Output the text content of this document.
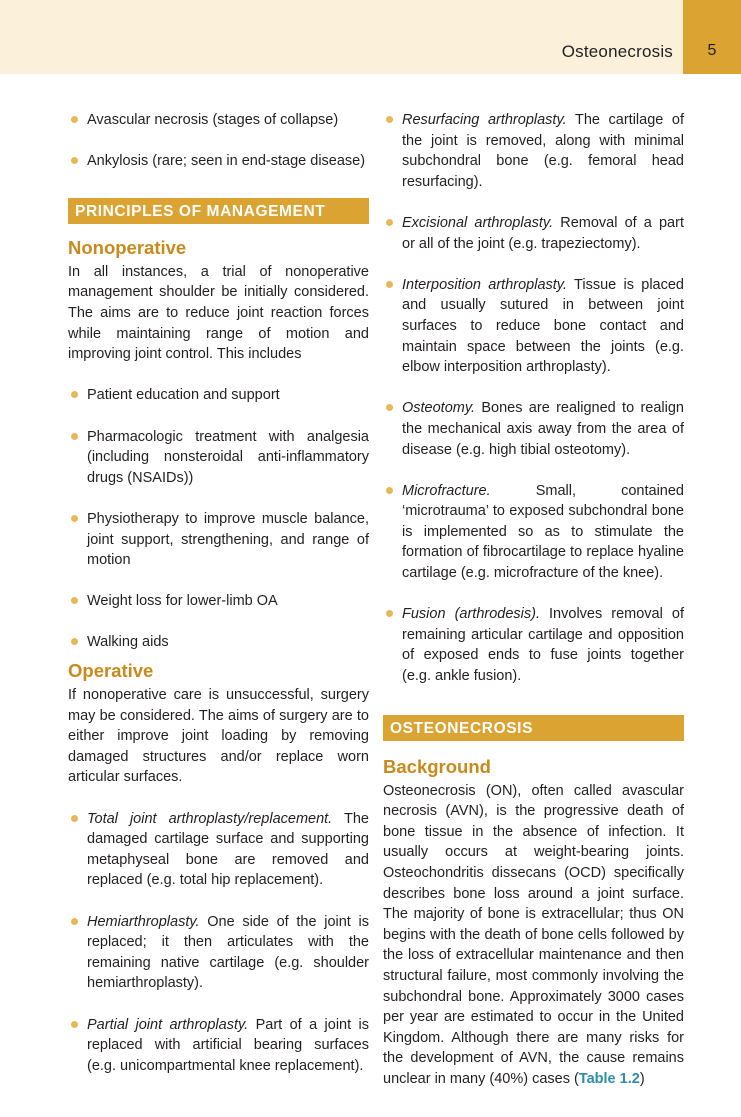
Osteonecrosis	5
Avascular necrosis (stages of collapse)
Ankylosis (rare; seen in end-stage disease)
PRINCIPLES OF MANAGEMENT
Nonoperative

In all instances, a trial of nonoperative management shoulder be initially considered. The aims are to reduce joint reaction forces while maintaining range of motion and improving joint control. This includes

Patient education and support
Pharmacologic treatment with analgesia (including nonsteroidal anti-inflammatory drugs (NSAIDs))
Physiotherapy to improve muscle balance, joint support, strengthening, and range of motion
Weight loss for lower-limb OA
Walking aids
Operative

If nonoperative care is unsuccessful, surgery may be considered. The aims of surgery are to either improve joint loading by removing damaged structures and/or replace worn articular surfaces.

Total joint arthroplasty/replacement. The damaged cartilage surface and supporting metaphyseal bone are removed and replaced (e.g. total hip replacement).
Hemiarthroplasty. One side of the joint is replaced; it then articulates with the remaining native cartilage (e.g. shoulder hemiarthroplasty).
Partial joint arthroplasty. Part of a joint is replaced with artificial bearing surfaces (e.g. unicompartmental knee replacement).
Resurfacing arthroplasty. The cartilage of the joint is removed, along with minimal subchondral bone (e.g. femoral head resurfacing).
Excisional arthroplasty. Removal of a part or all of the joint (e.g. trapeziectomy).
Interposition arthroplasty. Tissue is placed and usually sutured in between joint surfaces to reduce bone contact and maintain space between the joints (e.g. elbow interposition arthroplasty).
Osteotomy. Bones are realigned to realign the mechanical axis away from the area of disease (e.g. high tibial osteotomy).
Microfracture. Small, contained ‘microtrauma’ to exposed subchondral bone is implemented so as to stimulate the formation of fibrocartilage to replace hyaline cartilage (e.g. microfracture of the knee).
Fusion (arthrodesis). Involves removal of remaining articular cartilage and opposition of exposed ends to fuse joints together (e.g. ankle fusion).
OSTEONECROSIS
Background

Osteonecrosis (ON), often called avascular necrosis (AVN), is the progressive death of bone tissue in the absence of infection. It usually occurs at weight-bearing joints. Osteochondritis dissecans (OCD) specifically describes bone loss around a joint surface. The majority of bone is extracellular; thus ON begins with the death of bone cells followed by the loss of extracellular maintenance and then structural failure, most commonly involving the subchondral bone. Approximately 3000 cases per year are estimated to occur in the United Kingdom. Although there are many risks for the development of AVN, the cause remains unclear in many (40%) cases (Table 1.2)
